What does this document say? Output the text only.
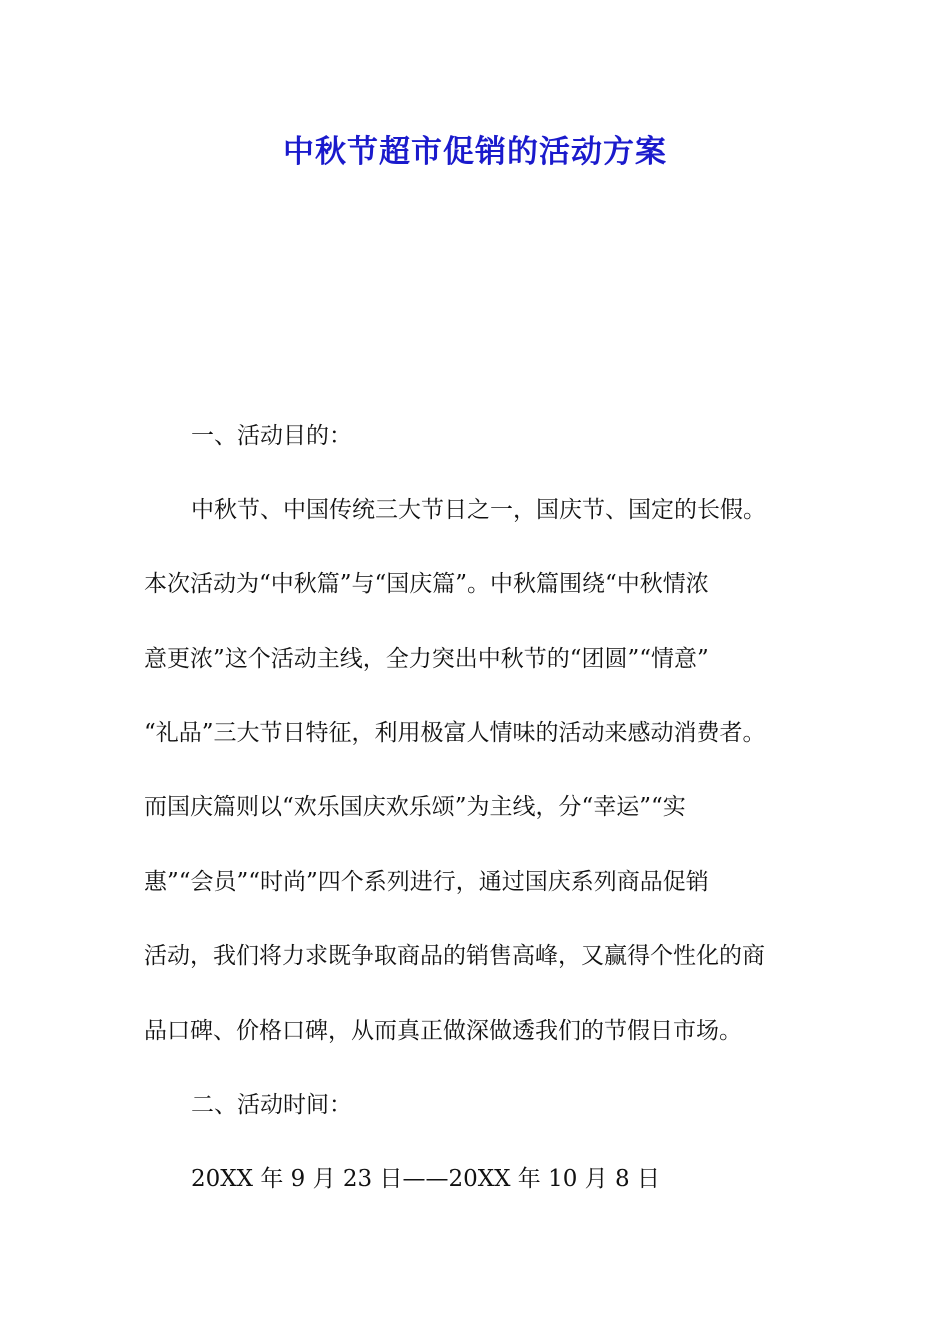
中秋节超市促销的活动方案

一、活动目的：

中秋节、中国传统三大节日之一，国庆节、国定的长假。

本次活动为“中秋篇”与“国庆篇”。中秋篇围绕“中秋情浓

意更浓”这个活动主线，全力突出中秋节的“团圆”“情意”

“礼品”三大节日特征，利用极富人情味的活动来感动消费者。

而国庆篇则以“欢乐国庆欢乐颂”为主线，分“幸运”“实

惠”“会员”“时尚”四个系列进行，通过国庆系列商品促销

活动，我们将力求既争取商品的销售高峰，又赢得个性化的商

品口碑、价格口碑，从而真正做深做透我们的节假日市场。

二、活动时间：

20XX 年 9 月 23 日——20XX 年 10 月 8 日
